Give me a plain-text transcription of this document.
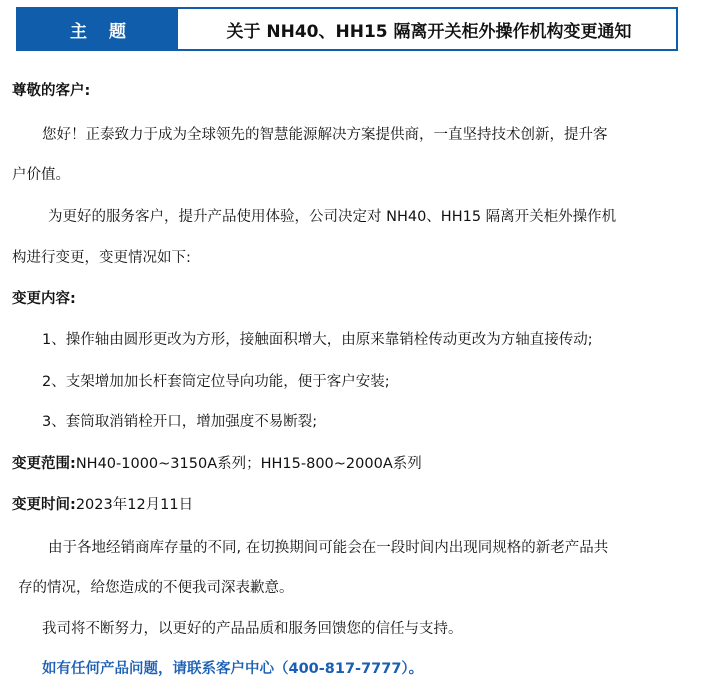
主 题	关于 NH40、HH15 隔离开关柜外操作机构变更通知
尊敬的客户:
您好！正泰致力于成为全球领先的智慧能源解决方案提供商，一直坚持技术创新，提升客
户价值。
为更好的服务客户，提升产品使用体验，公司决定对 NH40、HH15 隔离开关柜外操作机
构进行变更，变更情况如下:
变更内容:
1、操作轴由圆形更改为方形，接触面积增大，由原来靠销栓传动更改为方轴直接传动;
2、支架增加加长杆套筒定位导向功能，便于客户安装;
3、套筒取消销栓开口，增加强度不易断裂;
变更范围:NH40-1000~3150A系列；HH15-800~2000A系列
变更时间:2023年12月11日
由于各地经销商库存量的不同, 在切换期间可能会在一段时间内出现同规格的新老产品共
存的情况，给您造成的不便我司深表歉意。
我司将不断努力，以更好的产品品质和服务回馈您的信任与支持。
如有任何产品问题，请联系客户中心（400-817-7777）。
